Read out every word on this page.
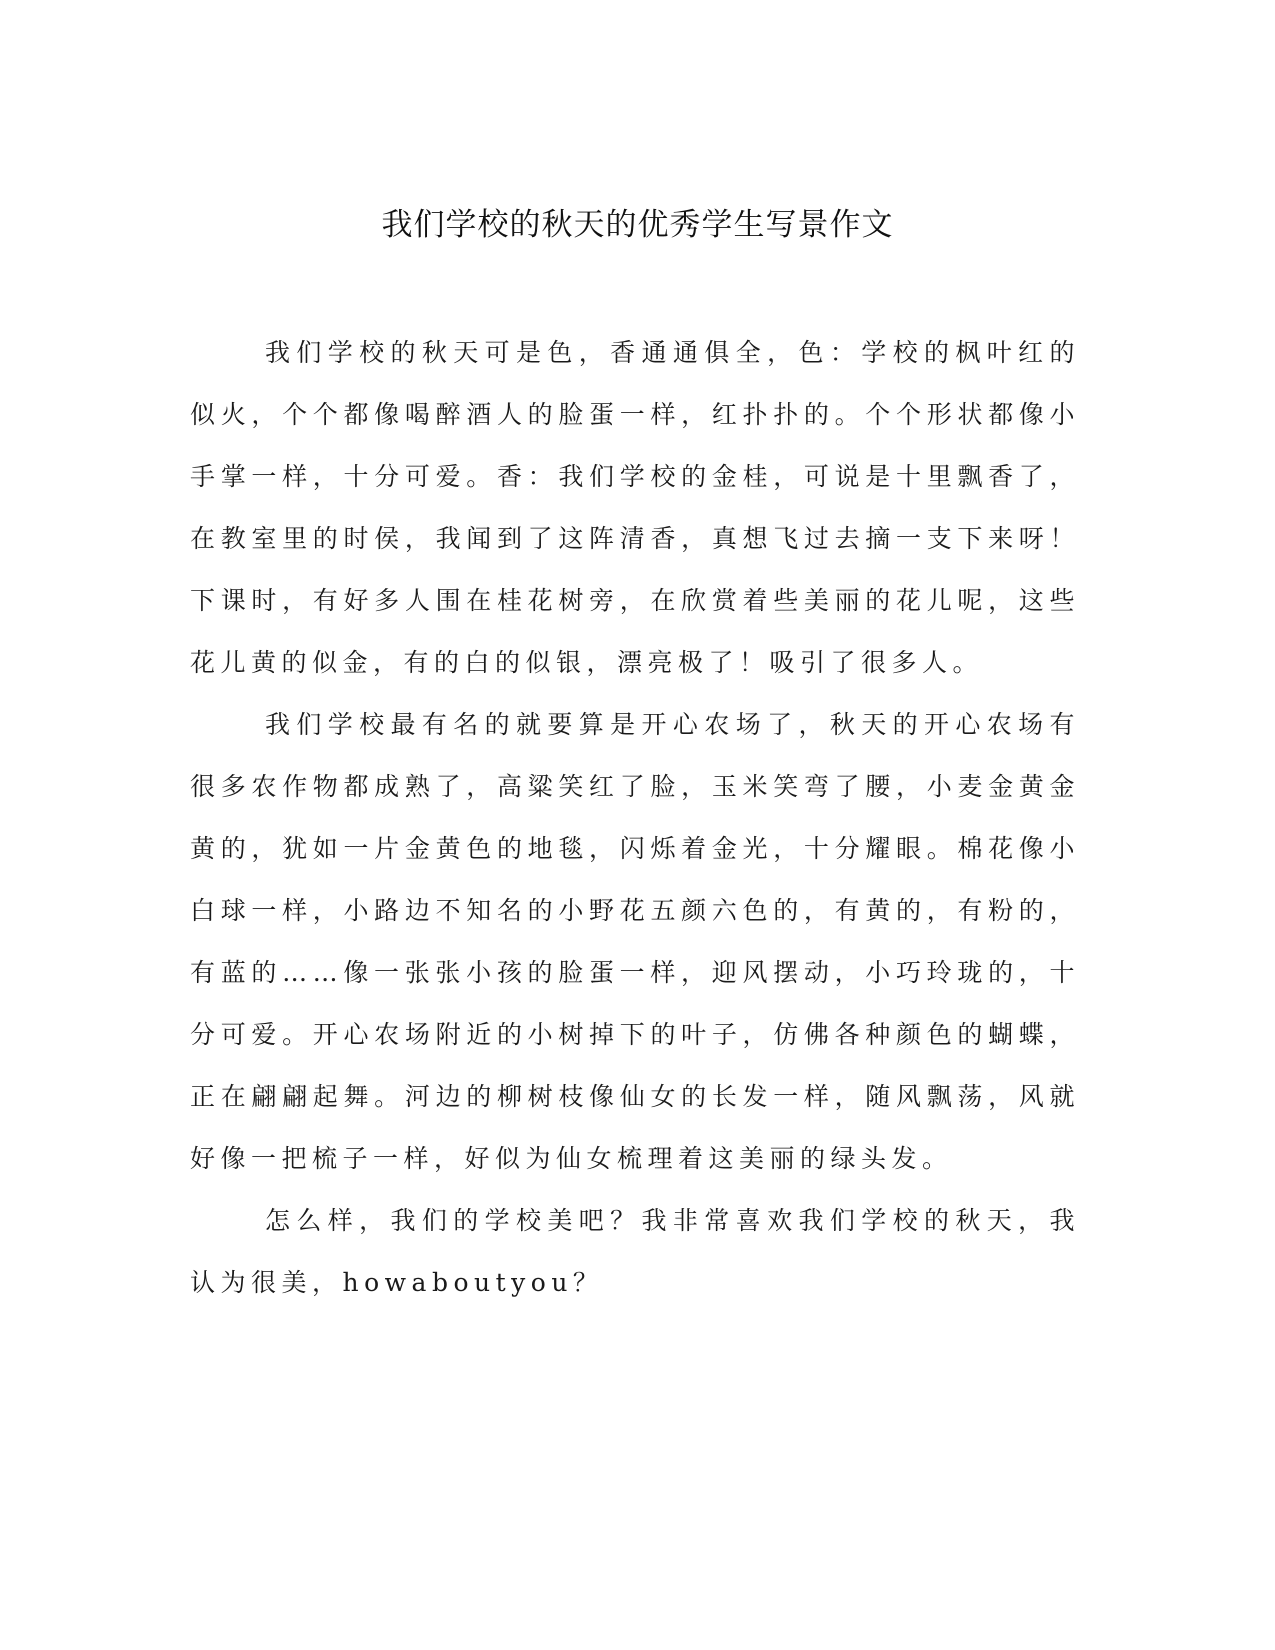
我们学校的秋天的优秀学生写景作文

我们学校的秋天可是色，香通通俱全，色：学校的枫叶红的似火，个个都像喝醉酒人的脸蛋一样，红扑扑的。个个形状都像小手掌一样，十分可爱。香：我们学校的金桂，可说是十里飘香了，在教室里的时侯，我闻到了这阵清香，真想飞过去摘一支下来呀！下课时，有好多人围在桂花树旁，在欣赏着些美丽的花儿呢，这些花儿黄的似金，有的白的似银，漂亮极了！吸引了很多人。

我们学校最有名的就要算是开心农场了，秋天的开心农场有很多农作物都成熟了，高粱笑红了脸，玉米笑弯了腰，小麦金黄金黄的，犹如一片金黄色的地毯，闪烁着金光，十分耀眼。棉花像小白球一样，小路边不知名的小野花五颜六色的，有黄的，有粉的，有蓝的……像一张张小孩的脸蛋一样，迎风摆动，小巧玲珑的，十分可爱。开心农场附近的小树掉下的叶子，仿佛各种颜色的蝴蝶，正在翩翩起舞。河边的柳树枝像仙女的长发一样，随风飘荡，风就好像一把梳子一样，好似为仙女梳理着这美丽的绿头发。

怎么样，我们的学校美吧？我非常喜欢我们学校的秋天，我认为很美，howaboutyou？
